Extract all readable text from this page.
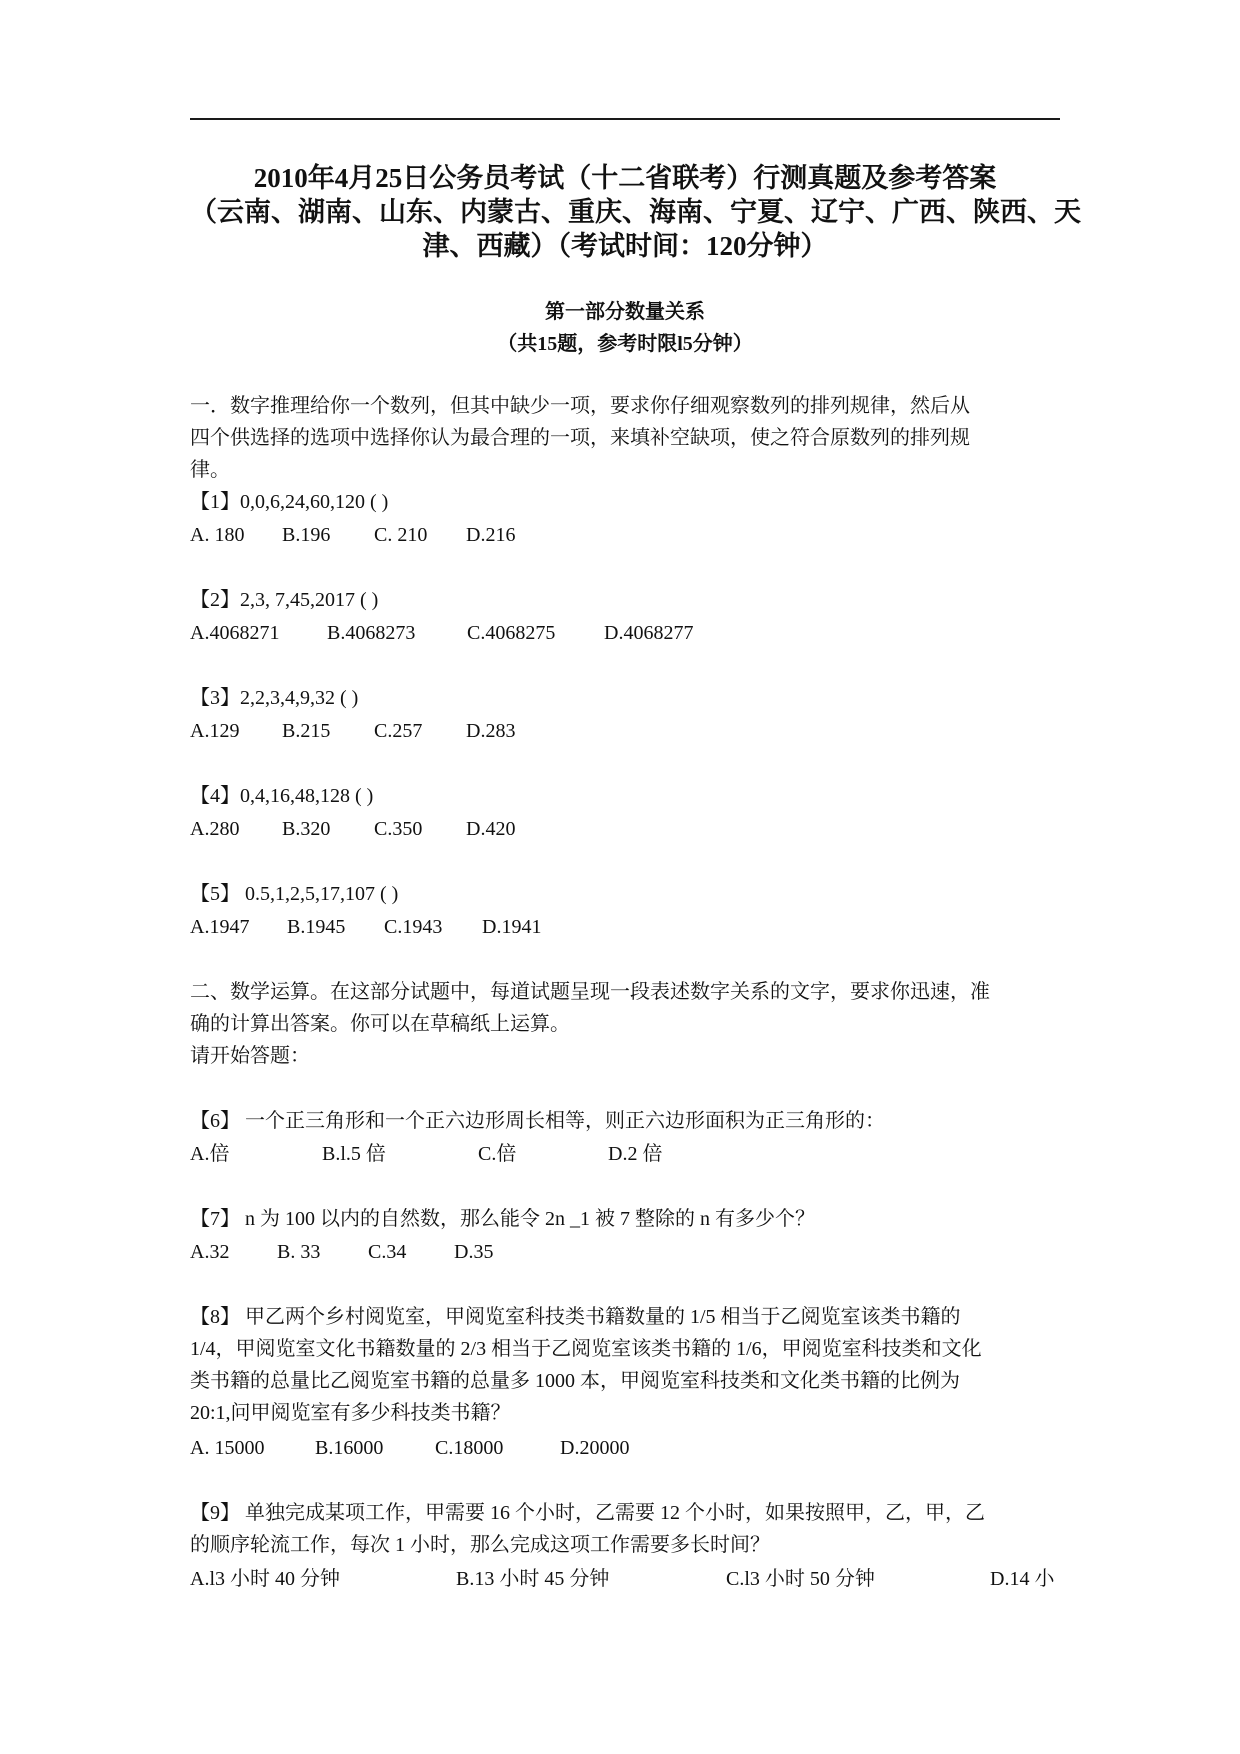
2010年4月25日公务员考试（十二省联考）行测真题及参考答案
（云南、湖南、山东、内蒙古、重庆、海南、宁夏、辽宁、广西、陕西、天
津、西藏）（考试时间：120分钟）
第一部分数量关系
（共15题，参考时限l5分钟）
一．数字推理给你一个数列，但其中缺少一项，要求你仔细观察数列的排列规律，然后从
四个供选择的选项中选择你认为最合理的一项，来填补空缺项，使之符合原数列的排列规
律。
【1】0,0,6,24,60,120 ( )
A. 180 B.196 C. 210 D.216
【2】2,3, 7,45,2017 ( )
A.4068271 B.4068273	C.4068275 D.4068277
【3】2,2,3,4,9,32 ( )
A.129 B.215 C.257 D.283
【4】0,4,16,48,128 ( )
A.280 B.320 C.350 D.420
【5】 0.5,1,2,5,17,107 ( )
A.1947 B.1945 C.1943 D.1941
二、数学运算。在这部分试题中，每道试题呈现一段表述数字关系的文字，要求你迅速，准
确的计算出答案。你可以在草稿纸上运算。
请开始答题：
【6】 一个正三角形和一个正六边形周长相等，则正六边形面积为正三角形的：
A.倍	B.l.5 倍	C.倍	D.2 倍
【7】 n 为 100 以内的自然数，那么能令 2n _1 被 7 整除的 n 有多少个？
A.32 B. 33 C.34 D.35
【8】 甲乙两个乡村阅览室，甲阅览室科技类书籍数量的 1/5 相当于乙阅览室该类书籍的
1/4，甲阅览室文化书籍数量的 2/3 相当于乙阅览室该类书籍的 1/6，甲阅览室科技类和文化
类书籍的总量比乙阅览室书籍的总量多 1000 本，甲阅览室科技类和文化类书籍的比例为
20:1,问甲阅览室有多少科技类书籍？
A. 15000	B.16000	C.18000	D.20000
【9】 单独完成某项工作，甲需要 16 个小时，乙需要 12 个小时，如果按照甲，乙，甲，乙
的顺序轮流工作，每次 1 小时，那么完成这项工作需要多长时间？
A.l3 小时 40 分钟	B.13 小时 45 分钟	C.l3 小时 50 分钟	D.14 小
